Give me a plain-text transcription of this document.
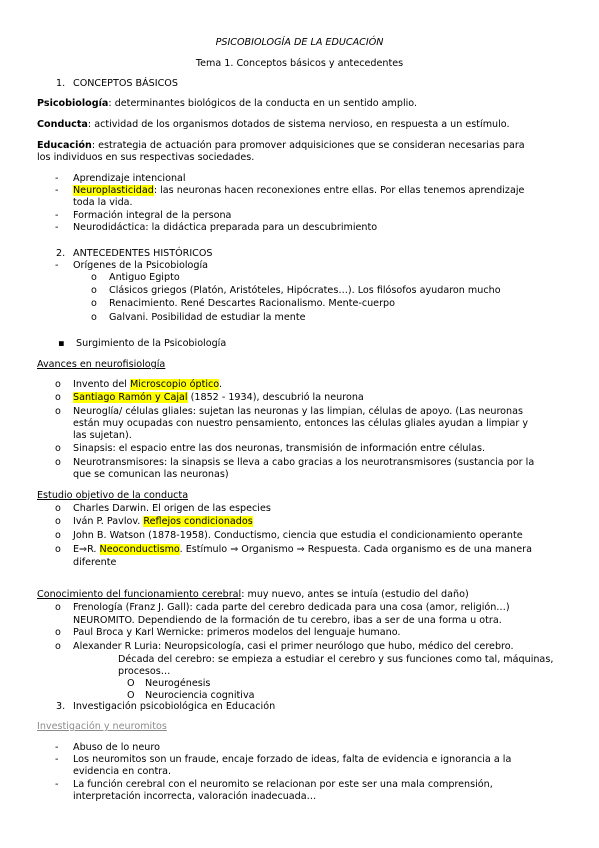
PSICOBIOLOGÍA DE LA EDUCACIÓN
Tema 1. Conceptos básicos y antecedentes
1. CONCEPTOS BÁSICOS
Psicobiología: determinantes biológicos de la conducta en un sentido amplio.
Conducta: actividad de los organismos dotados de sistema nervioso, en respuesta a un estímulo.
Educación: estrategia de actuación para promover adquisiciones que se consideran necesarias para
los individuos en sus respectivas sociedades.
- Aprendizaje intencional
- Neuroplasticidad: las neuronas hacen reconexiones entre ellas. Por ellas tenemos aprendizaje
toda la vida.
- Formación integral de la persona
- Neurodidáctica: la didáctica preparada para un descubrimiento
2. ANTECEDENTES HISTÓRICOS
- Orígenes de la Psicobiología
o Antiguo Egipto
o Clásicos griegos (Platón, Aristóteles, Hipócrates…). Los filósofos ayudaron mucho
o Renacimiento. René Descartes Racionalismo. Mente-cuerpo
o Galvani. Posibilidad de estudiar la mente
▪ Surgimiento de la Psicobiología
Avances en neurofisiología
o Invento del Microscopio óptico.
o Santiago Ramón y Cajal (1852 - 1934), descubrió la neurona
o Neuroglía/ células gliales: sujetan las neuronas y las limpian, células de apoyo. (Las neuronas
están muy ocupadas con nuestro pensamiento, entonces las células gliales ayudan a limpiar y
las sujetan).
o Sinapsis: el espacio entre las dos neuronas, transmisión de información entre células.
o Neurotransmisores: la sinapsis se lleva a cabo gracias a los neurotransmisores (sustancia por la
que se comunican las neuronas)
Estudio objetivo de la conducta
o Charles Darwin. El origen de las especies
o Iván P. Pavlov. Reflejos condicionados
o John B. Watson (1878-1958). Conductismo, ciencia que estudia el condicionamiento operante
o E⇒R. Neoconductismo. Estímulo ⇒ Organismo ⇒ Respuesta. Cada organismo es de una manera
diferente
Conocimiento del funcionamiento cerebral: muy nuevo, antes se intuía (estudio del daño)
o Frenología (Franz J. Gall): cada parte del cerebro dedicada para una cosa (amor, religión…)
NEUROMITO. Dependiendo de la formación de tu cerebro, ibas a ser de una forma u otra.
o Paul Broca y Karl Wernicke: primeros modelos del lenguaje humano.
o Alexander R Luria: Neuropsicología, casi el primer neurólogo que hubo, médico del cerebro.
Década del cerebro: se empieza a estudiar el cerebro y sus funciones como tal, máquinas,
procesos…
O Neurogénesis
O Neurociencia cognitiva
3. Investigación psicobiológica en Educación
Investigación y neuromitos
- Abuso de lo neuro
- Los neuromitos son un fraude, encaje forzado de ideas, falta de evidencia e ignorancia a la
evidencia en contra.
- La función cerebral con el neuromito se relacionan por este ser una mala comprensión,
interpretación incorrecta, valoración inadecuada…
